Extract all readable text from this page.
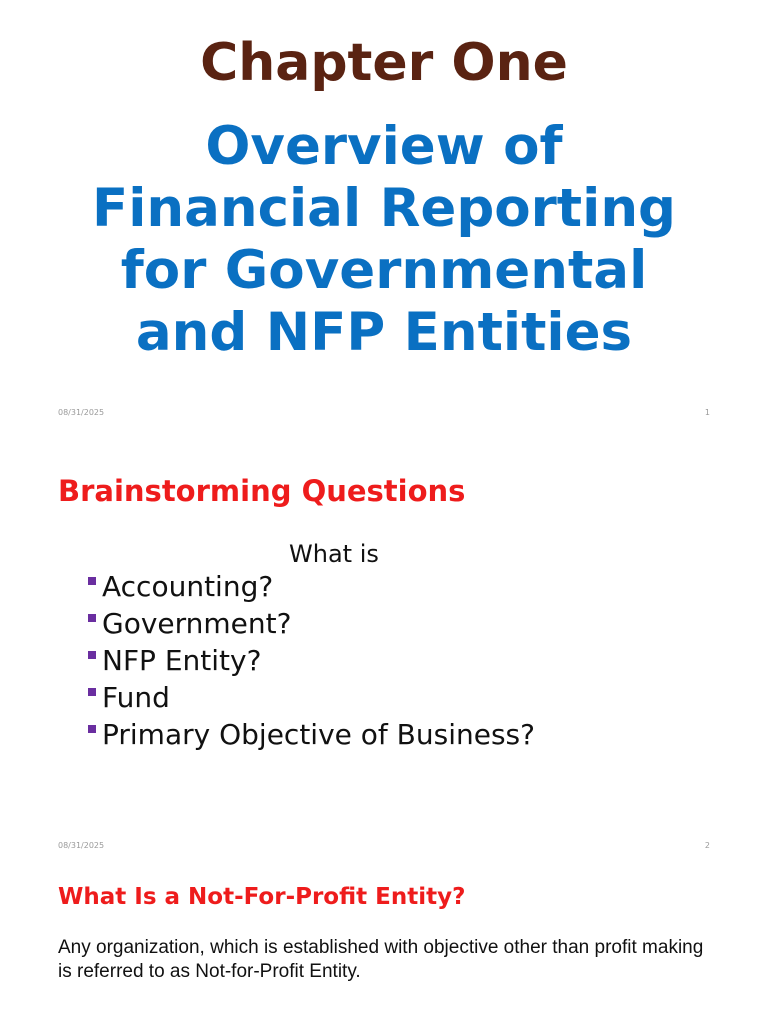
Chapter One
Overview of
Financial Reporting
for Governmental
and NFP Entities
08/31/2025	1
Brainstorming Questions
What is
Accounting?
Government?
NFP Entity?
Fund
Primary Objective of Business?
08/31/2025	2
What Is a Not-For-Profit Entity?
Any organization, which is established with objective other than profit making is referred to as Not-for-Profit Entity.
